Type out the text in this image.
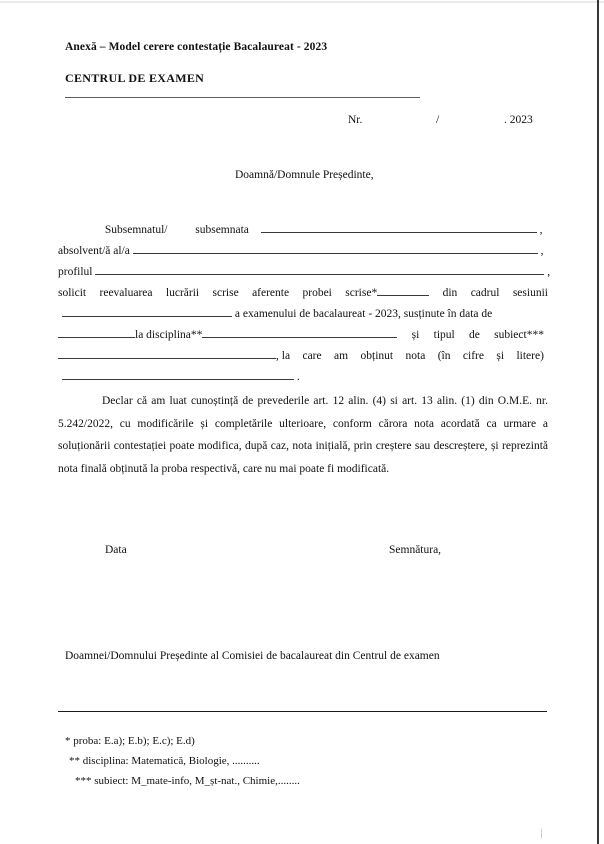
Anexă – Model cerere contestație Bacalaureat - 2023
CENTRUL DE EXAMEN
Nr.	/	. 2023
Doamnă/Domnule Președinte,
Subsemnatul/ subsemnata	,
absolvent/ă al/a	,
profilul	,
solicit reevaluarea lucrării scrise aferente probei scrise*	din cadrul sesiunii
a examenului de bacalaureat - 2023, susținute în data de
la disciplina**	și tipul de subiect***
, la care am obținut nota (în cifre și litere)
.

Declar că am luat cunoștință de prevederile art. 12 alin. (4) si art. 13 alin. (1) din O.M.E. nr. 5.242/2022, cu modificările și completările ulterioare, conform cărora nota acordată ca urmare a soluționării contestației poate modifica, după caz, nota inițială, prin creștere sau descreștere, și reprezintă nota finală obținută la proba respectivă, care nu mai poate fi modificată.

Data	Semnătura,
Doamnei/Domnului Președinte al Comisiei de bacalaureat din Centrul de examen
* proba: E.a); E.b); E.c); E.d)
** disciplina: Matematică, Biologie, ..........
*** subiect: M_mate-info, M_șt-nat., Chimie,........
